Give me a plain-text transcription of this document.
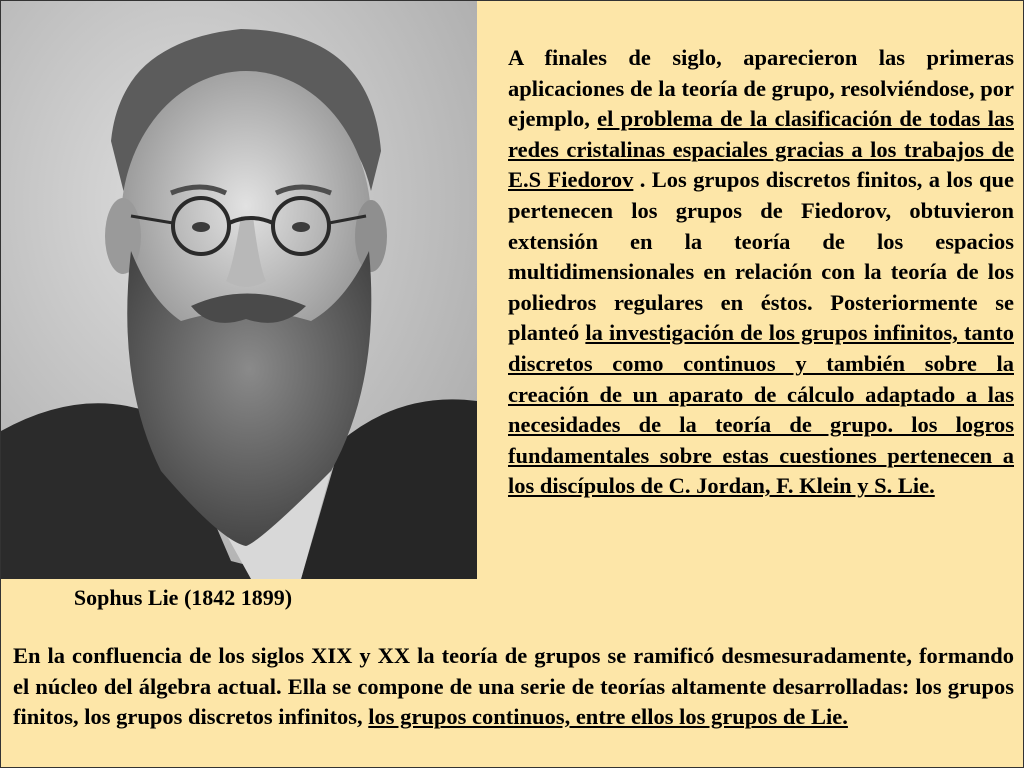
Sophus Lie (1842 1899)
A finales de siglo, aparecieron las primeras aplicaciones de la teoría de grupo, resolviéndose, por ejemplo, el problema de la clasificación de todas las redes cristalinas espaciales gracias a los trabajos de E.S Fiedorov . Los grupos discretos finitos, a los que pertenecen los grupos de Fiedorov, obtuvieron extensión en la teoría de los espacios multidimensionales en relación con la teoría de los poliedros regulares en éstos. Posteriormente se planteó la investigación de los grupos infinitos, tanto discretos como continuos y también sobre la creación de un aparato de cálculo adaptado a las necesidades de la teoría de grupo. los logros fundamentales sobre estas cuestiones pertenecen a los discípulos de C. Jordan, F. Klein y S. Lie.
En la confluencia de los siglos XIX y XX la teoría de grupos se ramificó desmesuradamente, formando el núcleo del álgebra actual. Ella se compone de una serie de teorías altamente desarrolladas: los grupos finitos, los grupos discretos infinitos, los grupos continuos, entre ellos los grupos de Lie.
